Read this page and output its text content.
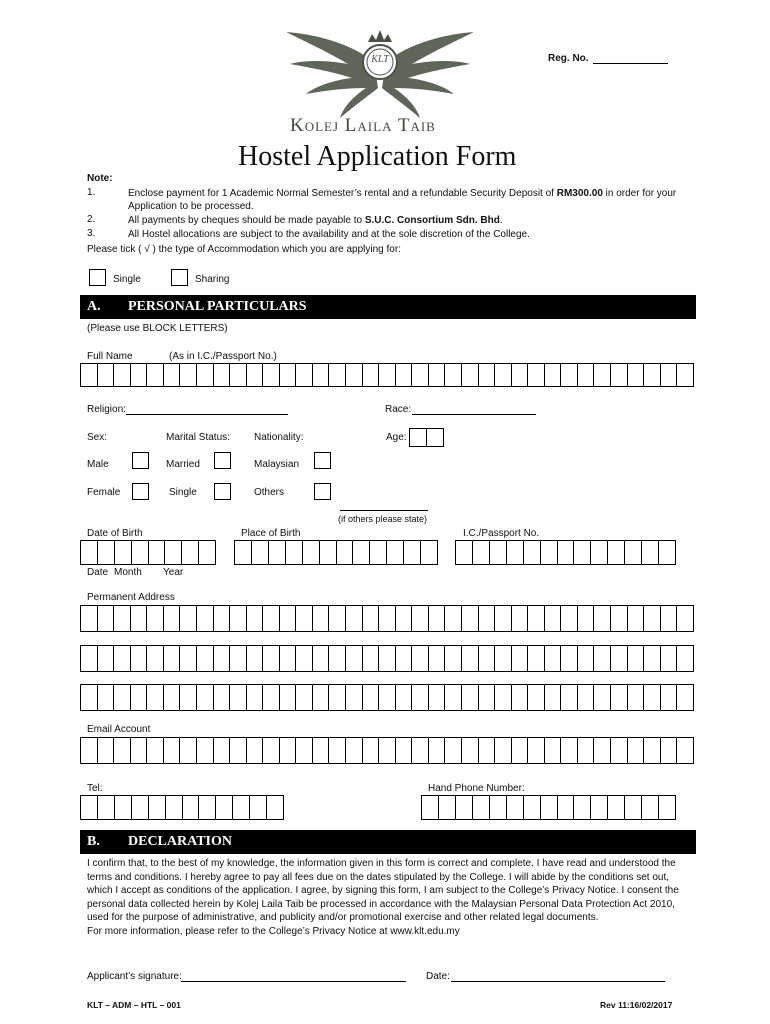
KLT	Reg. No.
Kolej Laila Taib
Hostel Application Form
Note:
1.	Enclose payment for 1 Academic Normal Semester’s rental and a refundable Security Deposit of RM300.00 in order for your
Application to be processed.
2.	All payments by cheques should be made payable to S.U.C. Consortium Sdn. Bhd.
3.	All Hostel allocations are subject to the availability and at the sole discretion of the College.
Please tick ( √ ) the type of Accommodation which you are applying for:
Single	Sharing
A. PERSONAL PARTICULARS
(Please use BLOCK LETTERS)
Full Name	(As in I.C./Passport No.)
Religion:	Race:
Sex:	Marital Status: Nationality:	Age:
Male	Married	Malaysian
Female	Single	Others
(if others please state)
Date of Birth	Place of Birth	I.C./Passport No.
Date Month Year
Permanent Address
Email Account
Tel:	Hand Phone Number:
B. DECLARATION
I confirm that, to the best of my knowledge, the information given in this form is correct and complete. I have read and understood the
terms and conditions. I hereby agree to pay all fees due on the dates stipulated by the College. I will abide by the conditions set out,
which I accept as conditions of the application. I agree, by signing this form, I am subject to the College’s Privacy Notice. I consent the
personal data collected herein by Kolej Laila Taib be processed in accordance with the Malaysian Personal Data Protection Act 2010,
used for the purpose of administrative, and publicity and/or promotional exercise and other related legal documents.
For more information, please refer to the College’s Privacy Notice at www.klt.edu.my
Applicant’s signature:	Date:
KLT – ADM – HTL – 001	Rev 11:16/02/2017
